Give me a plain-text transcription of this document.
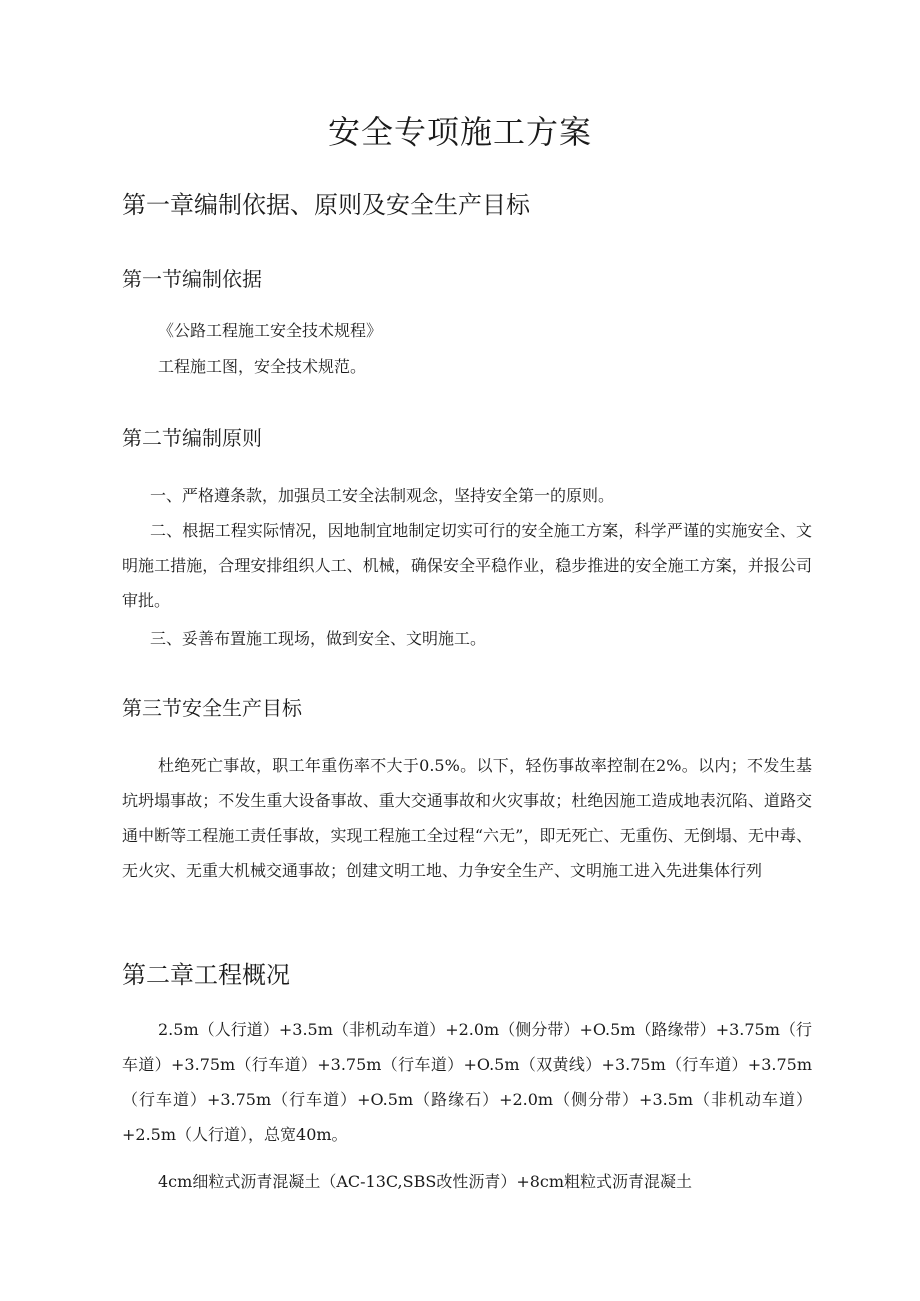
安全专项施工方案
第一章编制依据、原则及安全生产目标
第一节编制依据
《公路工程施工安全技术规程》
工程施工图，安全技术规范。
第二节编制原则
一、严格遵条款，加强员工安全法制观念，坚持安全第一的原则。
二、根据工程实际情况，因地制宜地制定切实可行的安全施工方案，科学严谨的实施安全、文明施工措施，合理安排组织人工、机械，确保安全平稳作业，稳步推进的安全施工方案，并报公司审批。
三、妥善布置施工现场，做到安全、文明施工。
第三节安全生产目标
杜绝死亡事故，职工年重伤率不大于0.5%。以下，轻伤事故率控制在2%。以内；不发生基坑坍塌事故；不发生重大设备事故、重大交通事故和火灾事故；杜绝因施工造成地表沉陷、道路交通中断等工程施工责任事故，实现工程施工全过程“六无”，即无死亡、无重伤、无倒塌、无中毒、无火灾、无重大机械交通事故；创建文明工地、力争安全生产、文明施工进入先进集体行列
第二章工程概况
2.5m（人行道）+3.5m（非机动车道）+2.0m（侧分带）+O.5m（路缘带）+3.75m（行车道）+3.75m（行车道）+3.75m（行车道）+O.5m（双黄线）+3.75m（行车道）+3.75m（行车道）+3.75m（行车道）+O.5m（路缘石）+2.0m（侧分带）+3.5m（非机动车道）+2.5m（人行道），总宽40m。
4cm细粒式沥青混凝土（AC-13C,SBS改性沥青）+8cm粗粒式沥青混凝土
